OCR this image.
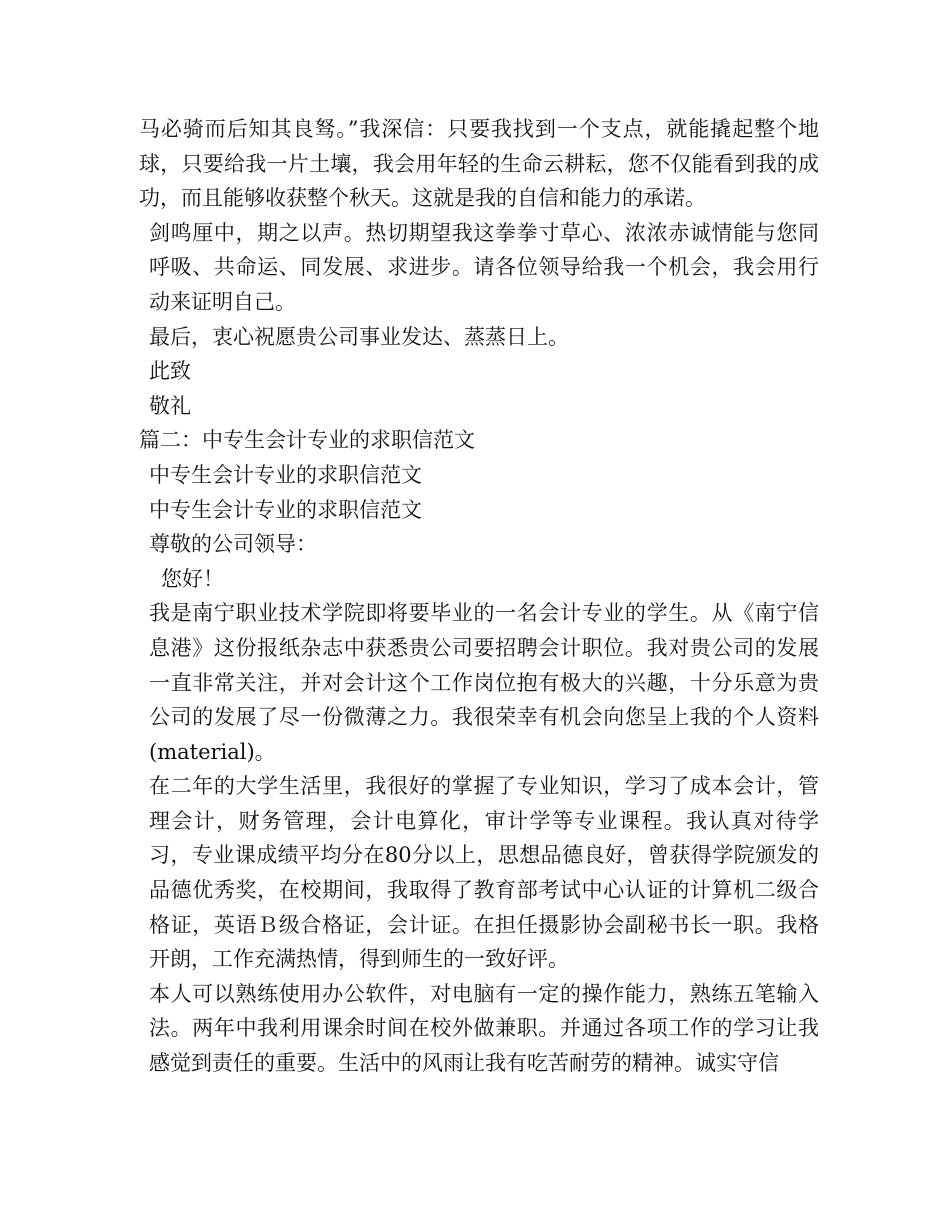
马必骑而后知其良驽。”我深信：只要我找到一个支点，就能撬起整个地球，只要给我一片土壤，我会用年轻的生命云耕耘，您不仅能看到我的成功，而且能够收获整个秋天。这就是我的自信和能力的承诺。

剑鸣厘中，期之以声。热切期望我这拳拳寸草心、浓浓赤诚情能与您同呼吸、共命运、同发展、求进步。请各位领导给我一个机会，我会用行动来证明自己。

最后，衷心祝愿贵公司事业发达、蒸蒸日上。

此致

敬礼

篇二：中专生会计专业的求职信范文

中专生会计专业的求职信范文

中专生会计专业的求职信范文

尊敬的公司领导：

您好！

我是南宁职业技术学院即将要毕业的一名会计专业的学生。从《南宁信息港》这份报纸杂志中获悉贵公司要招聘会计职位。我对贵公司的发展一直非常关注，并对会计这个工作岗位抱有极大的兴趣，十分乐意为贵公司的发展了尽一份微薄之力。我很荣幸有机会向您呈上我的个人资料(material)。

在二年的大学生活里，我很好的掌握了专业知识，学习了成本会计，管理会计，财务管理，会计电算化，审计学等专业课程。我认真对待学习，专业课成绩平均分在80分以上，思想品德良好，曾获得学院颁发的品德优秀奖，在校期间，我取得了教育部考试中心认证的计算机二级合格证，英语Ｂ级合格证，会计证。在担任摄影协会副秘书长一职。我格开朗，工作充满热情，得到师生的一致好评。

本人可以熟练使用办公软件，对电脑有一定的操作能力，熟练五笔输入法。两年中我利用课余时间在校外做兼职。并通过各项工作的学习让我感觉到责任的重要。生活中的风雨让我有吃苦耐劳的精神。诚实守信
